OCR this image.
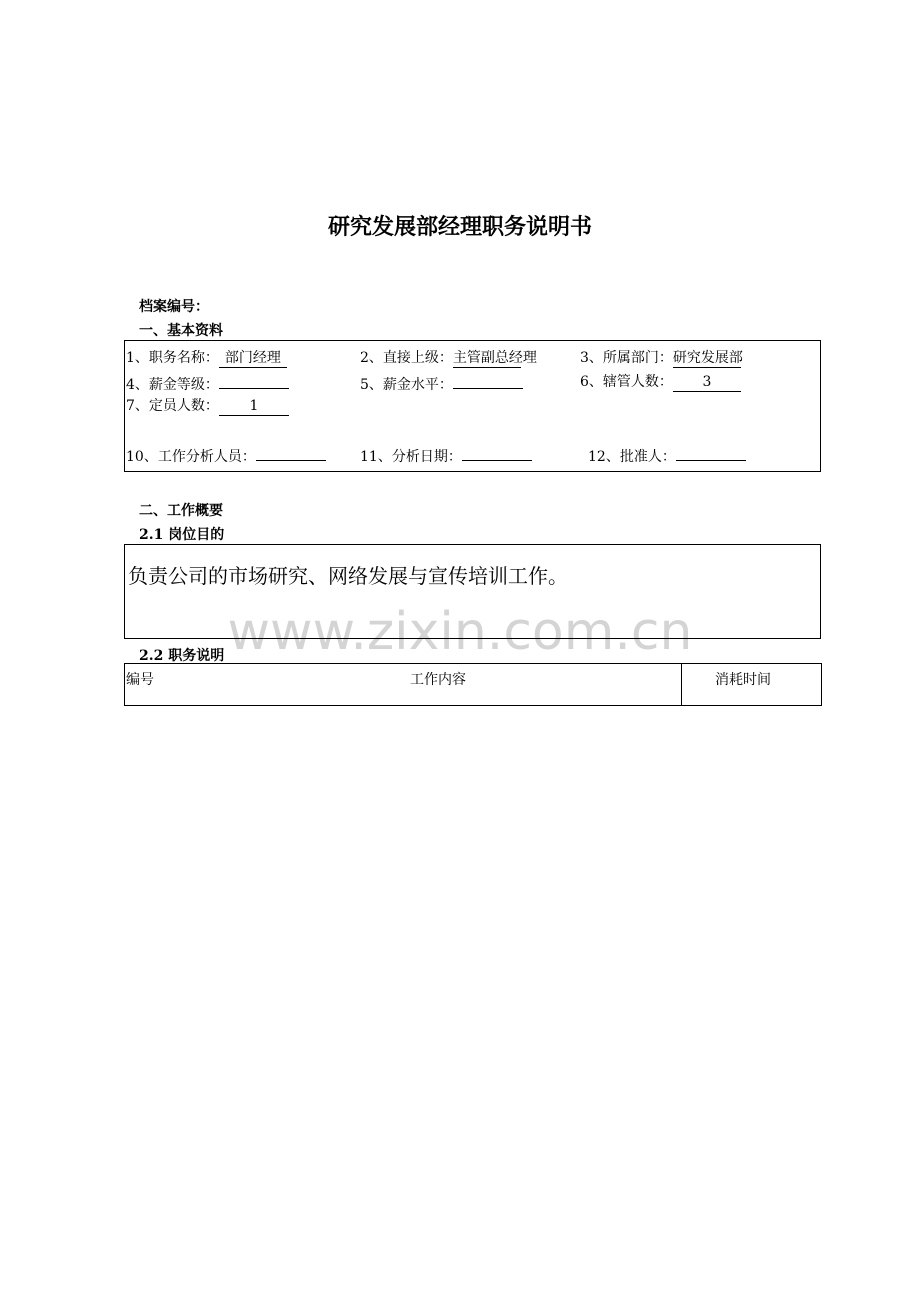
www.zixin.com.cn
研究发展部经理职务说明书
档案编号：
一、基本资料
1、职务名称： 部门经理	2、直接上级：主管副总经理	3、所属部门：研究发展部
4、薪金等级：	5、薪金水平：	6、辖管人数： 3
7、定员人数： 1
10、工作分析人员：	11、分析日期：	12、批准人：
二、工作概要
2.1 岗位目的
负责公司的市场研究、网络发展与宣传培训工作。
2.2 职务说明
编号	工作内容	消耗时间
